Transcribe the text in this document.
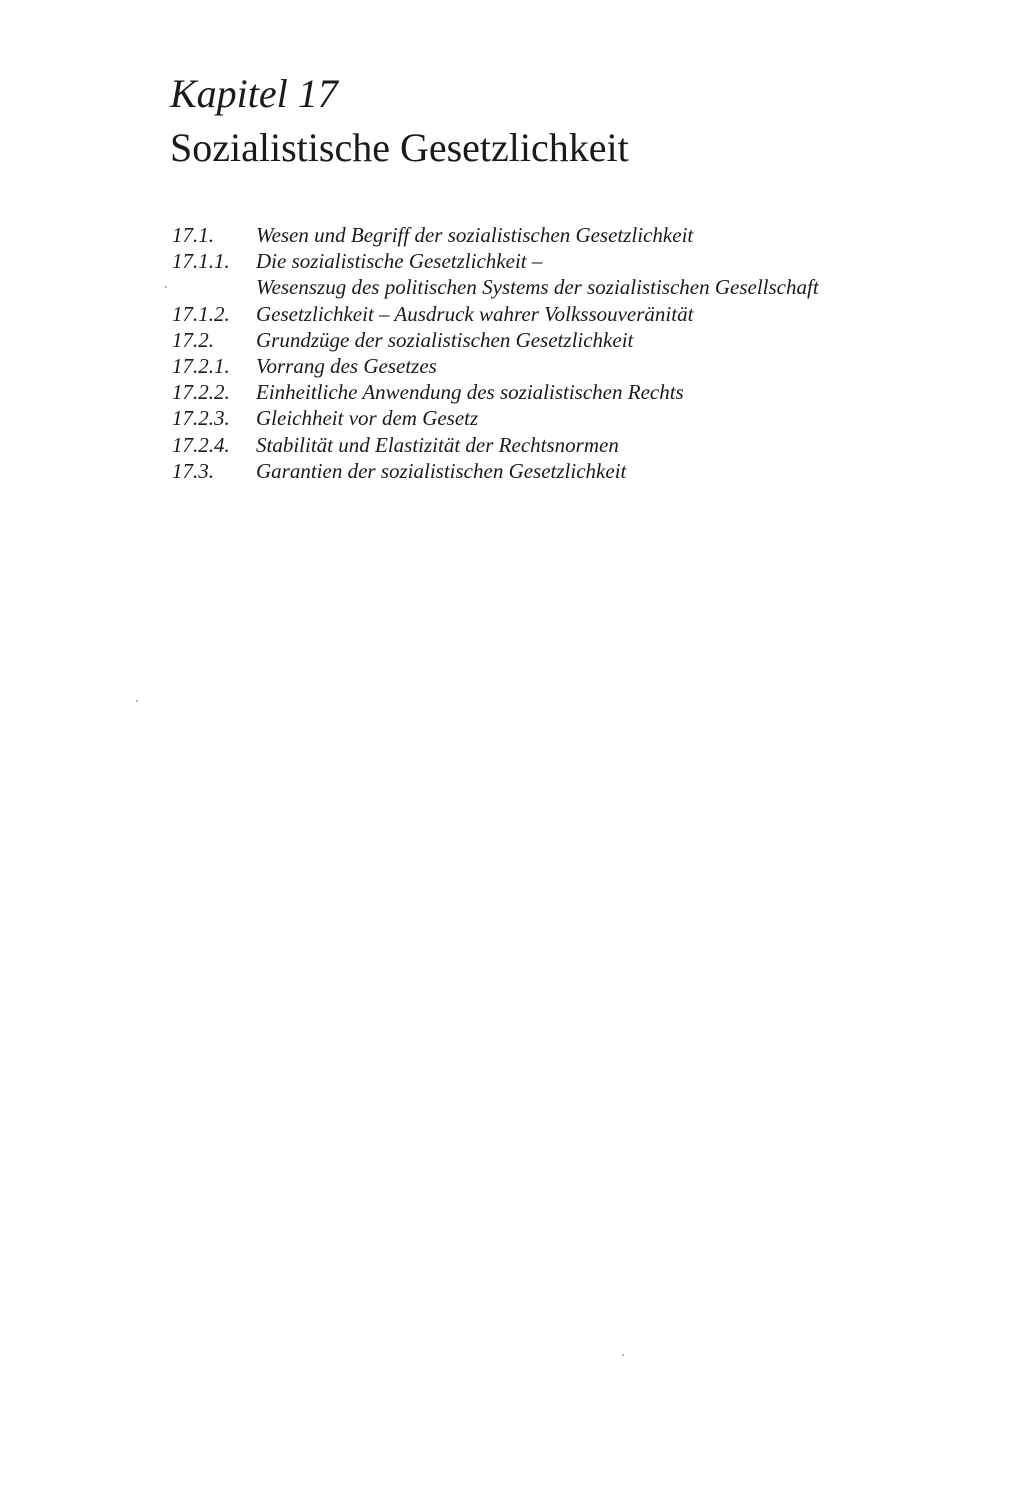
Kapitel 17
Sozialistische Gesetzlichkeit
17.1.	Wesen und Begriff der sozialistischen Gesetzlichkeit
17.1.1.	Die sozialistische Gesetzlichkeit –
Wesenszug des politischen Systems der sozialistischen Gesellschaft
17.1.2.	Gesetzlichkeit – Ausdruck wahrer Volkssouveränität
17.2.	Grundzüge der sozialistischen Gesetzlichkeit
17.2.1.	Vorrang des Gesetzes
17.2.2.	Einheitliche Anwendung des sozialistischen Rechts
17.2.3.	Gleichheit vor dem Gesetz
17.2.4.	Stabilität und Elastizität der Rechtsnormen
17.3.	Garantien der sozialistischen Gesetzlichkeit
